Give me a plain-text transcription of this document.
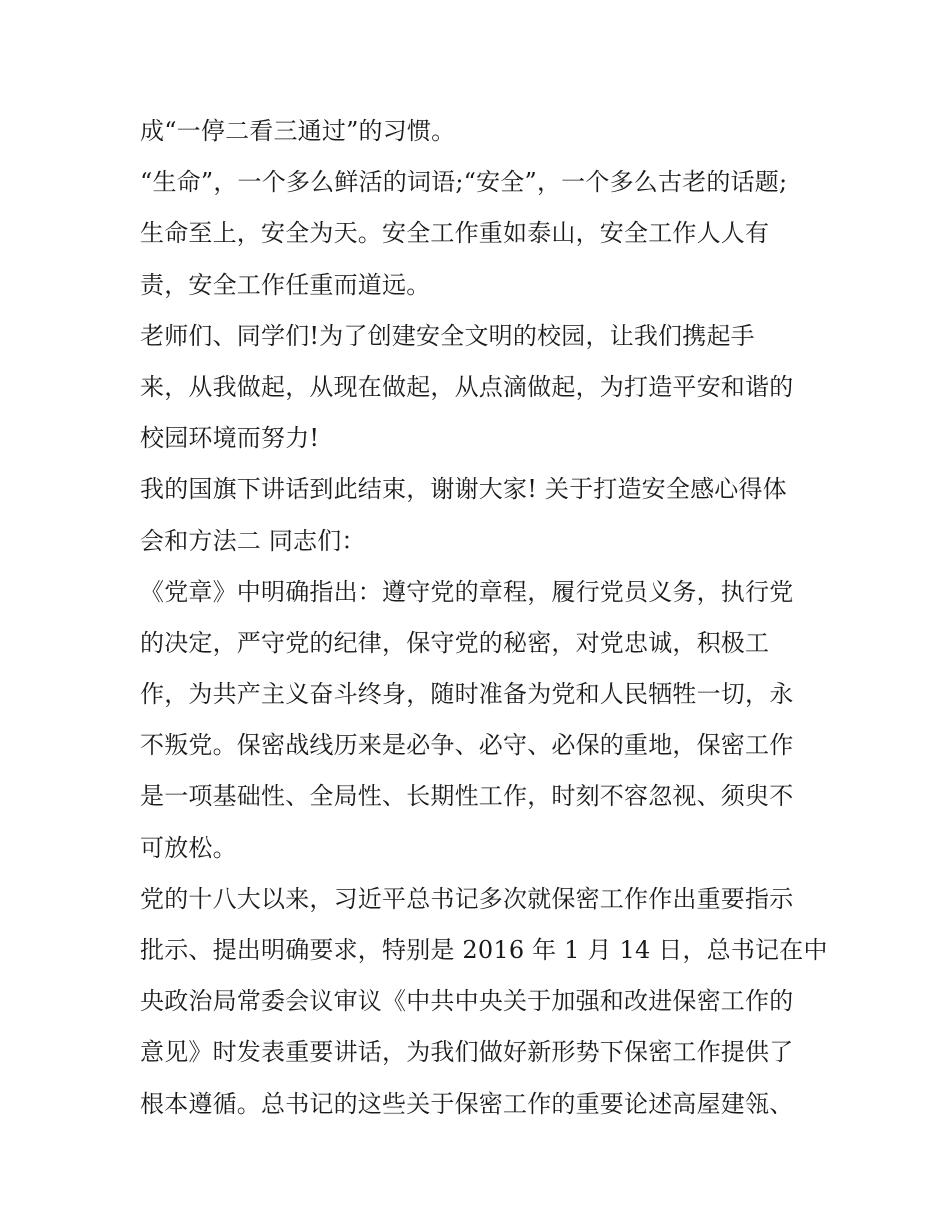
成“一停二看三通过”的习惯。
“生命”，一个多么鲜活的词语;“安全”，一个多么古老的话题;
生命至上，安全为天。安全工作重如泰山，安全工作人人有
责，安全工作任重而道远。
老师们、同学们!为了创建安全文明的校园，让我们携起手
来，从我做起，从现在做起，从点滴做起，为打造平安和谐的
校园环境而努力!
我的国旗下讲话到此结束，谢谢大家! 关于打造安全感心得体
会和方法二 同志们：
《党章》中明确指出：遵守党的章程，履行党员义务，执行党
的决定，严守党的纪律，保守党的秘密，对党忠诚，积极工
作，为共产主义奋斗终身，随时准备为党和人民牺牲一切，永
不叛党。保密战线历来是必争、必守、必保的重地，保密工作
是一项基础性、全局性、长期性工作，时刻不容忽视、须臾不
可放松。
党的十八大以来，习近平总书记多次就保密工作作出重要指示
批示、提出明确要求，特别是 2016 年 1 月 14 日，总书记在中
央政治局常委会议审议《中共中央关于加强和改进保密工作的
意见》时发表重要讲话，为我们做好新形势下保密工作提供了
根本遵循。总书记的这些关于保密工作的重要论述高屋建瓴、
